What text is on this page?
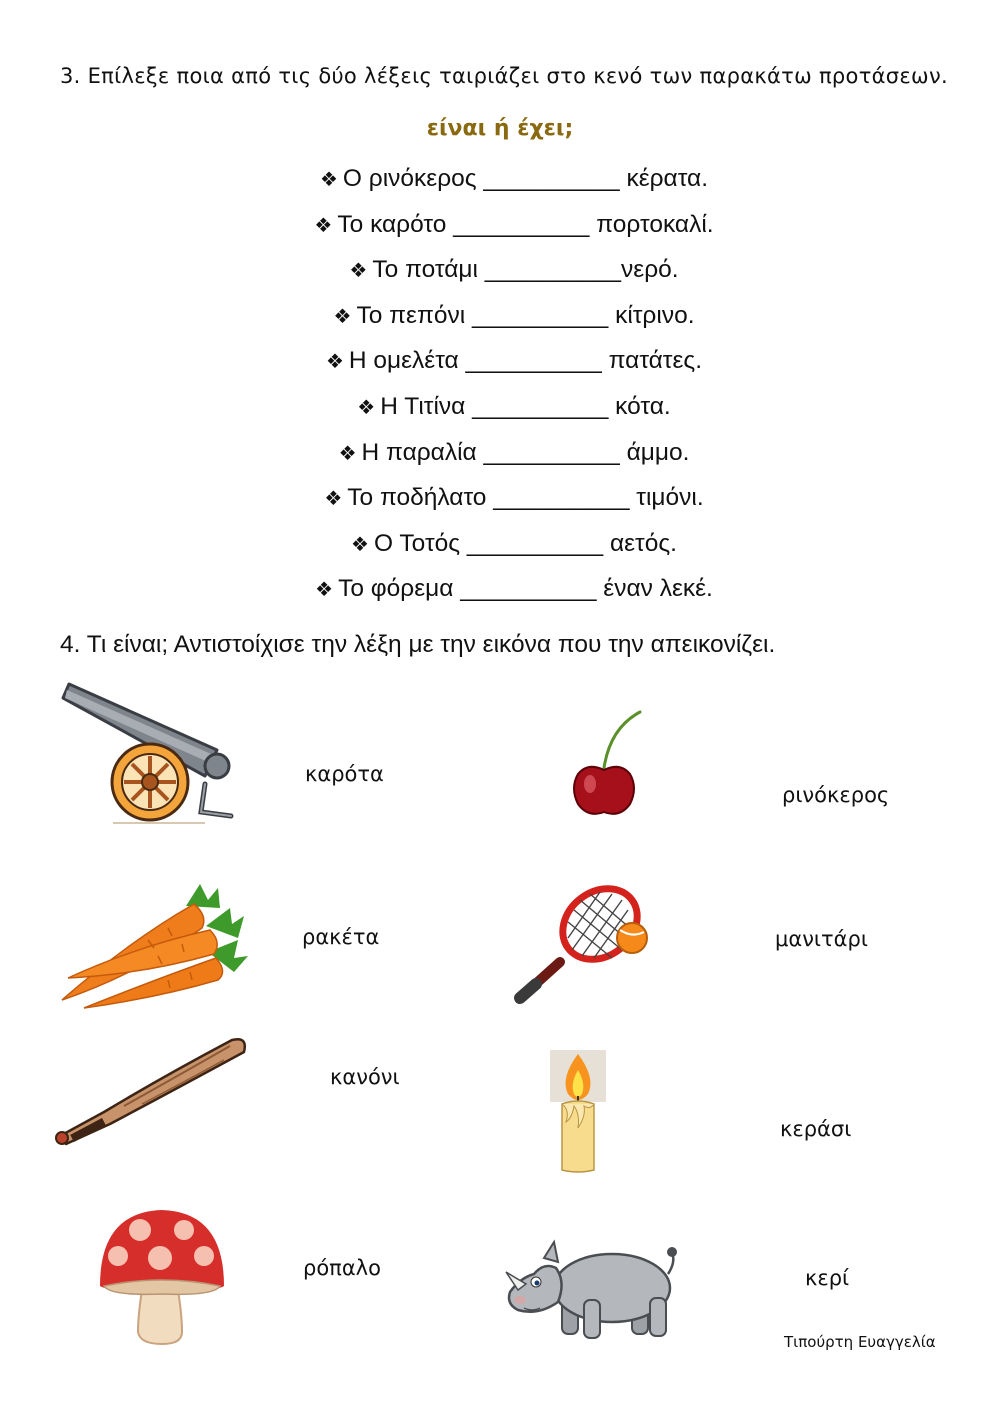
3. Επίλεξε ποια από τις δύο λέξεις ταιριάζει στο κενό των παρακάτω προτάσεων.
είναι ή έχει;
❖ Ο ρινόκερος __________ κέρατα.
❖ Το καρότο __________ πορτοκαλί.
❖ Το ποτάμι __________νερό.
❖ Το πεπόνι __________ κίτρινο.
❖ Η ομελέτα __________ πατάτες.
❖ Η Τιτίνα __________ κότα.
❖ Η παραλία __________ άμμο.
❖ Το ποδήλατο __________ τιμόνι.
❖ Ο Τοτός __________ αετός.
❖ Το φόρεμα __________ έναν λεκέ.
4. Τι είναι; Αντιστοίχισε την λέξη με την εικόνα που την απεικονίζει.
καρότα
ρακέτα
κανόνι
ρόπαλο
ρινόκερος
μανιτάρι
κεράσι
κερί
Τιπούρτη Ευαγγελία
